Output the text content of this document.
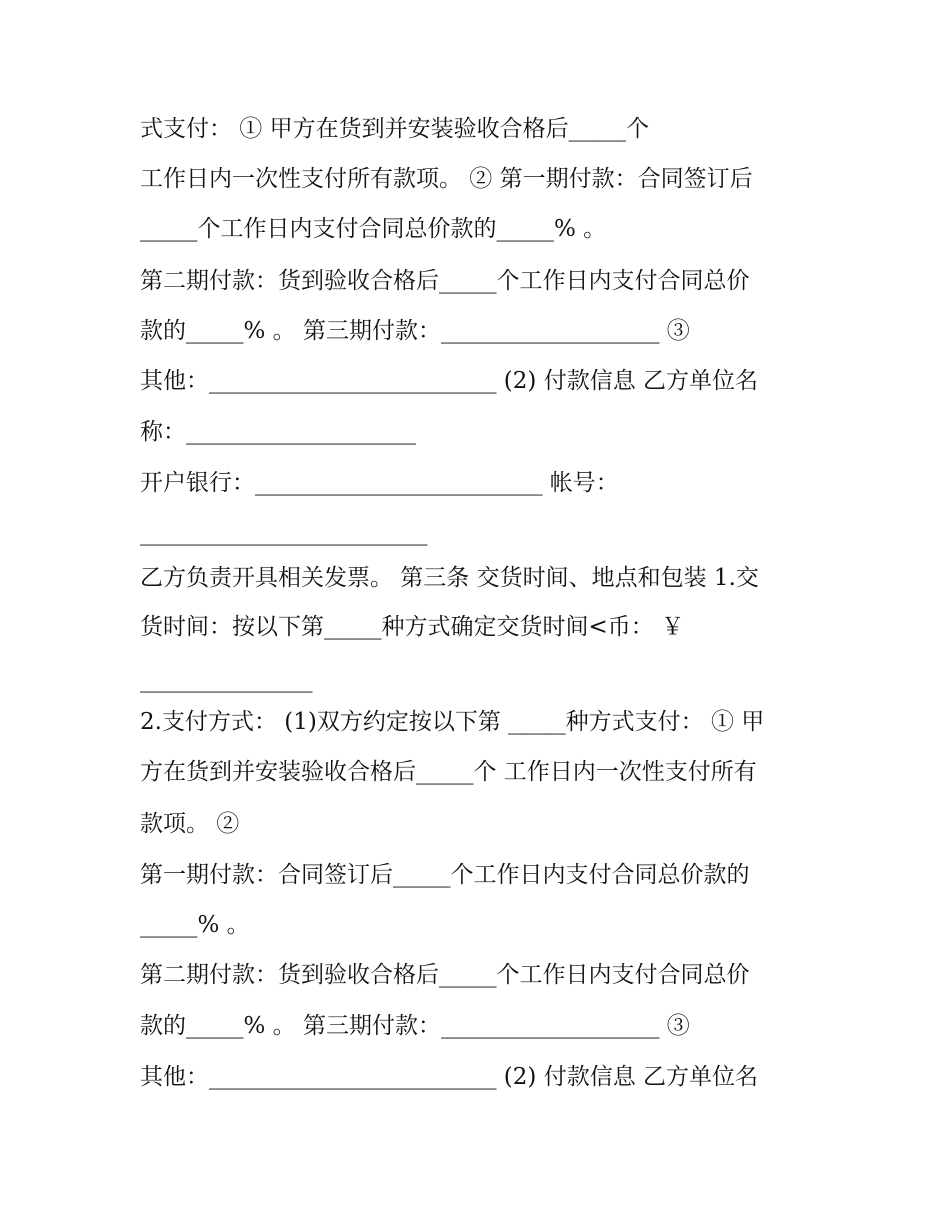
式支付： ① 甲方在货到并安装验收合格后_____个
工作日内一次性支付所有款项。 ② 第一期付款：合同签订后
_____个工作日内支付合同总价款的_____% 。
第二期付款：货到验收合格后_____个工作日内支付合同总价
款的_____% 。 第三期付款：___________________ ③
其他：_________________________ (2) 付款信息 乙方单位名
称：____________________
开户银行：_________________________ 帐号：
_________________________
乙方负责开具相关发票。 第三条 交货时间、地点和包装 1.交
货时间：按以下第_____种方式确定交货时间<币： ￥
_______________
2.支付方式： (1)双方约定按以下第 _____种方式支付： ① 甲
方在货到并安装验收合格后_____个 工作日内一次性支付所有
款项。 ②
第一期付款：合同签订后_____个工作日内支付合同总价款的
_____% 。
第二期付款：货到验收合格后_____个工作日内支付合同总价
款的_____% 。 第三期付款：___________________ ③
其他：_________________________ (2) 付款信息 乙方单位名
